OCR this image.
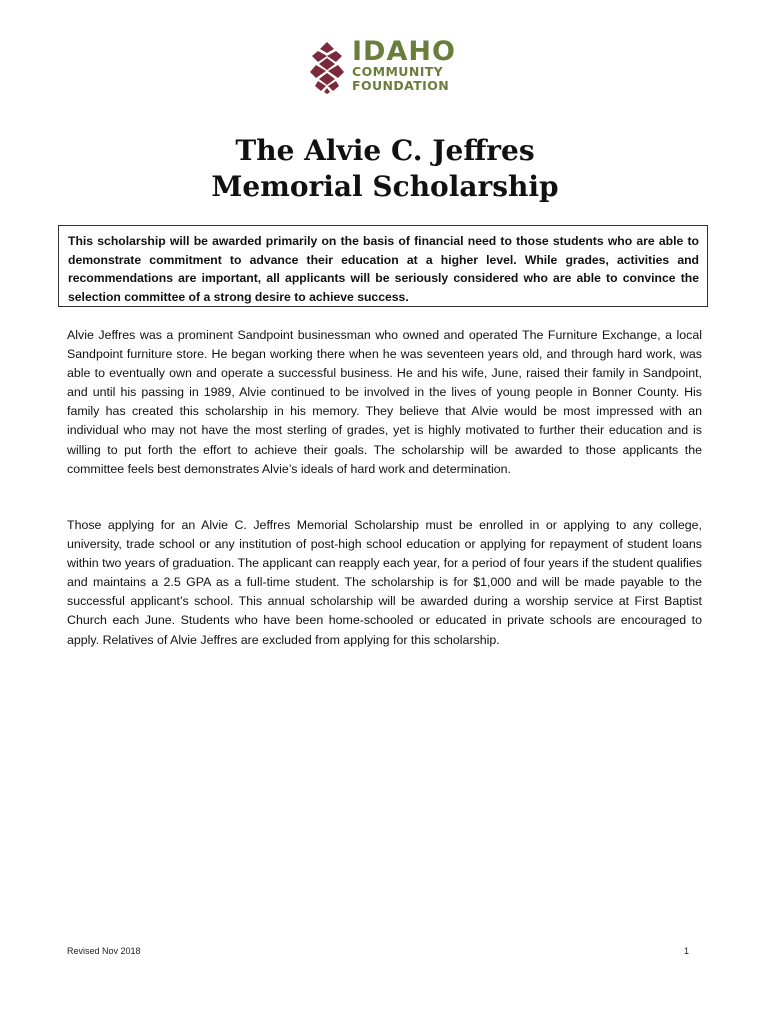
IDAHO
COMMUNITY
FOUNDATION
The Alvie C. Jeffres
Memorial Scholarship
This scholarship will be awarded primarily on the basis of financial need to those students who are able to demonstrate commitment to advance their education at a higher level. While grades, activities and recommendations are important, all applicants will be seriously considered who are able to convince the selection committee of a strong desire to achieve success.
Alvie Jeffres was a prominent Sandpoint businessman who owned and operated The Furniture Exchange, a local Sandpoint furniture store. He began working there when he was seventeen years old, and through hard work, was able to eventually own and operate a successful business. He and his wife, June, raised their family in Sandpoint, and until his passing in 1989, Alvie continued to be involved in the lives of young people in Bonner County. His family has created this scholarship in his memory. They believe that Alvie would be most impressed with an individual who may not have the most sterling of grades, yet is highly motivated to further their education and is willing to put forth the effort to achieve their goals. The scholarship will be awarded to those applicants the committee feels best demonstrates Alvie’s ideals of hard work and determination.
Those applying for an Alvie C. Jeffres Memorial Scholarship must be enrolled in or applying to any college, university, trade school or any institution of post-high school education or applying for repayment of student loans within two years of graduation. The applicant can reapply each year, for a period of four years if the student qualifies and maintains a 2.5 GPA as a full-time student. The scholarship is for $1,000 and will be made payable to the successful applicant’s school. This annual scholarship will be awarded during a worship service at First Baptist Church each June. Students who have been home-schooled or educated in private schools are encouraged to apply. Relatives of Alvie Jeffres are excluded from applying for this scholarship.
Revised Nov 2018	1
